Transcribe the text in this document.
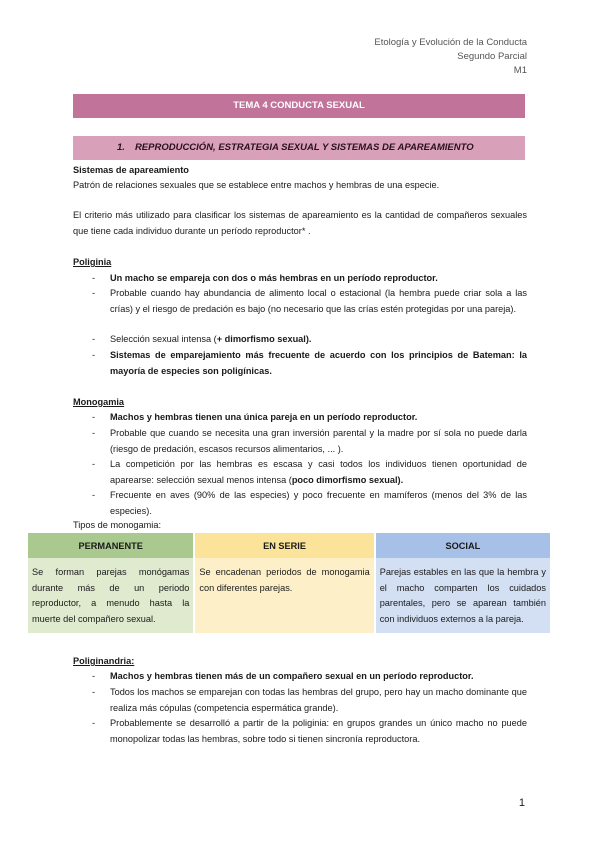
Etología y Evolución de la Conducta
Segundo Parcial
M1
TEMA 4 CONDUCTA SEXUAL
1. REPRODUCCIÓN, ESTRATEGIA SEXUAL Y SISTEMAS DE APAREAMIENTO
Sistemas de apareamiento
Patrón de relaciones sexuales que se establece entre machos y hembras de una especie.
El criterio más utilizado para clasificar los sistemas de apareamiento es la cantidad de compañeros sexuales que tiene cada individuo durante un período reproductor* .
Poliginia
- Un macho se empareja con dos o más hembras en un período reproductor.
- Probable cuando hay abundancia de alimento local o estacional (la hembra puede criar sola a las crías) y el riesgo de predación es bajo (no necesario que las crías estén protegidas por una pareja).
- Selección sexual intensa (+ dimorfismo sexual).
- Sistemas de emparejamiento más frecuente de acuerdo con los principios de Bateman: la mayoría de especies son poligínicas.
Monogamia
- Machos y hembras tienen una única pareja en un período reproductor.
- Probable que cuando se necesita una gran inversión parental y la madre por sí sola no puede darla (riesgo de predación, escasos recursos alimentarios, ... ).
- La competición por las hembras es escasa y casi todos los individuos tienen oportunidad de aparearse: selección sexual menos intensa (poco dimorfismo sexual).
- Frecuente en aves (90% de las especies) y poco frecuente en mamíferos (menos del 3% de las especies).
Tipos de monogamia:
PERMANENTE	EN SERIE	SOCIAL
Se forman parejas monógamas durante más de un periodo reproductor, a menudo hasta la muerte del compañero sexual.	Se encadenan periodos de monogamia con diferentes parejas.	Parejas estables en las que la hembra y el macho comparten los cuidados parentales, pero se aparean también con individuos externos a la pareja.
Poliginandria:
- Machos y hembras tienen más de un compañero sexual en un período reproductor.
- Todos los machos se emparejan con todas las hembras del grupo, pero hay un macho dominante que realiza más cópulas (competencia espermática grande).
- Probablemente se desarrolló a partir de la poliginia: en grupos grandes un único macho no puede monopolizar todas las hembras, sobre todo si tienen sincronía reproductora.
1
